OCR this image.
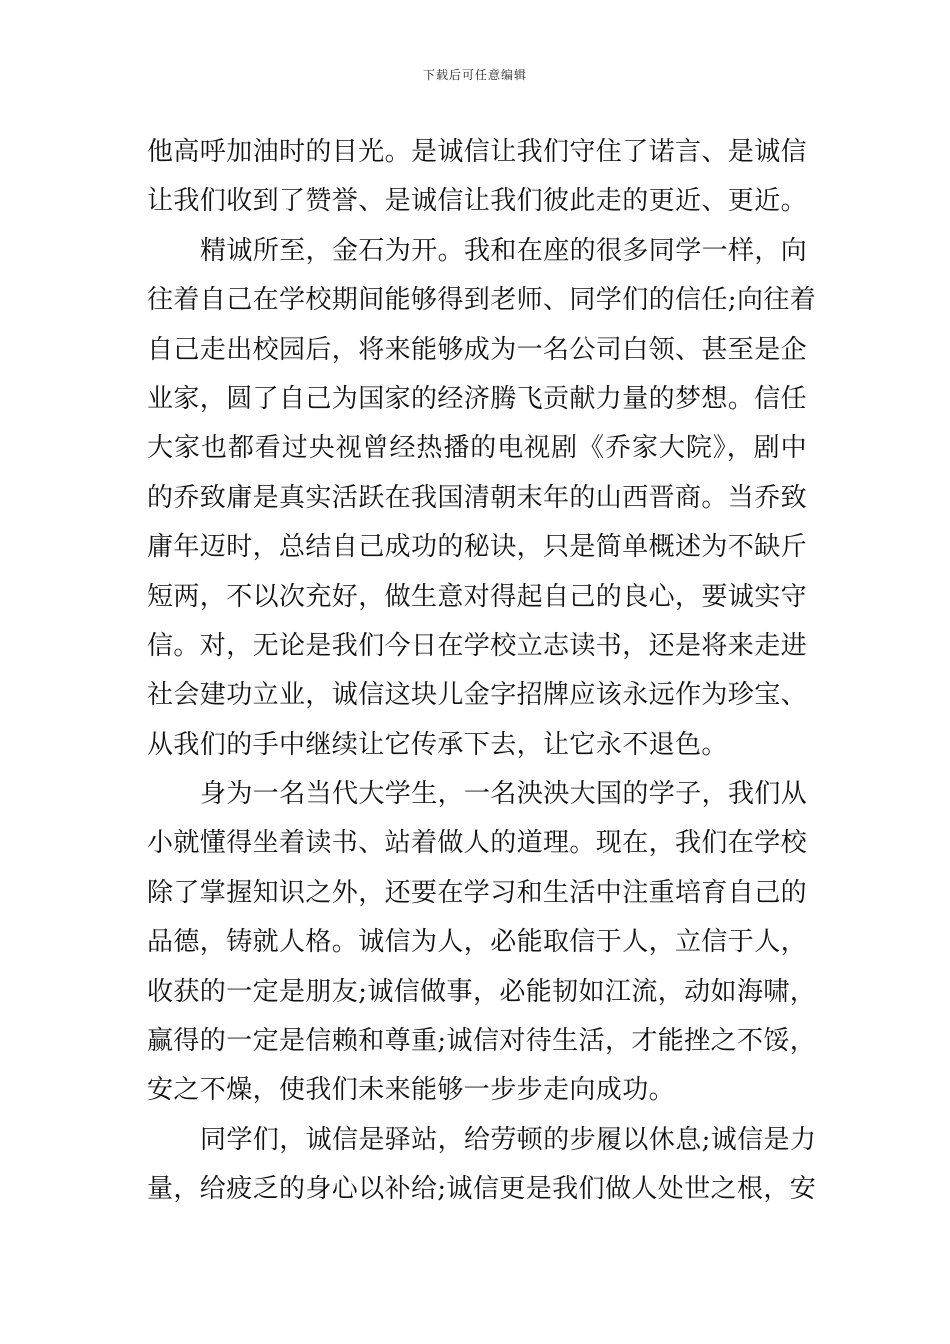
下载后可任意编辑
他高呼加油时的目光。是诚信让我们守住了诺言、是诚信
让我们收到了赞誉、是诚信让我们彼此走的更近、更近。
精诚所至，金石为开。我和在座的很多同学一样，向
往着自己在学校期间能够得到老师、同学们的信任;向往着
自己走出校园后，将来能够成为一名公司白领、甚至是企
业家，圆了自己为国家的经济腾飞贡献力量的梦想。信任
大家也都看过央视曾经热播的电视剧《乔家大院》，剧中
的乔致庸是真实活跃在我国清朝末年的山西晋商。当乔致
庸年迈时，总结自己成功的秘诀，只是简单概述为不缺斤
短两，不以次充好，做生意对得起自己的良心，要诚实守
信。对，无论是我们今日在学校立志读书，还是将来走进
社会建功立业，诚信这块儿金字招牌应该永远作为珍宝、
从我们的手中继续让它传承下去，让它永不退色。
身为一名当代大学生，一名泱泱大国的学子，我们从
小就懂得坐着读书、站着做人的道理。现在，我们在学校
除了掌握知识之外，还要在学习和生活中注重培育自己的
品德，铸就人格。诚信为人，必能取信于人，立信于人，
收获的一定是朋友;诚信做事，必能韧如江流，动如海啸，
赢得的一定是信赖和尊重;诚信对待生活，才能挫之不馁，
安之不燥，使我们未来能够一步步走向成功。
同学们，诚信是驿站，给劳顿的步履以休息;诚信是力
量，给疲乏的身心以补给;诚信更是我们做人处世之根，安
